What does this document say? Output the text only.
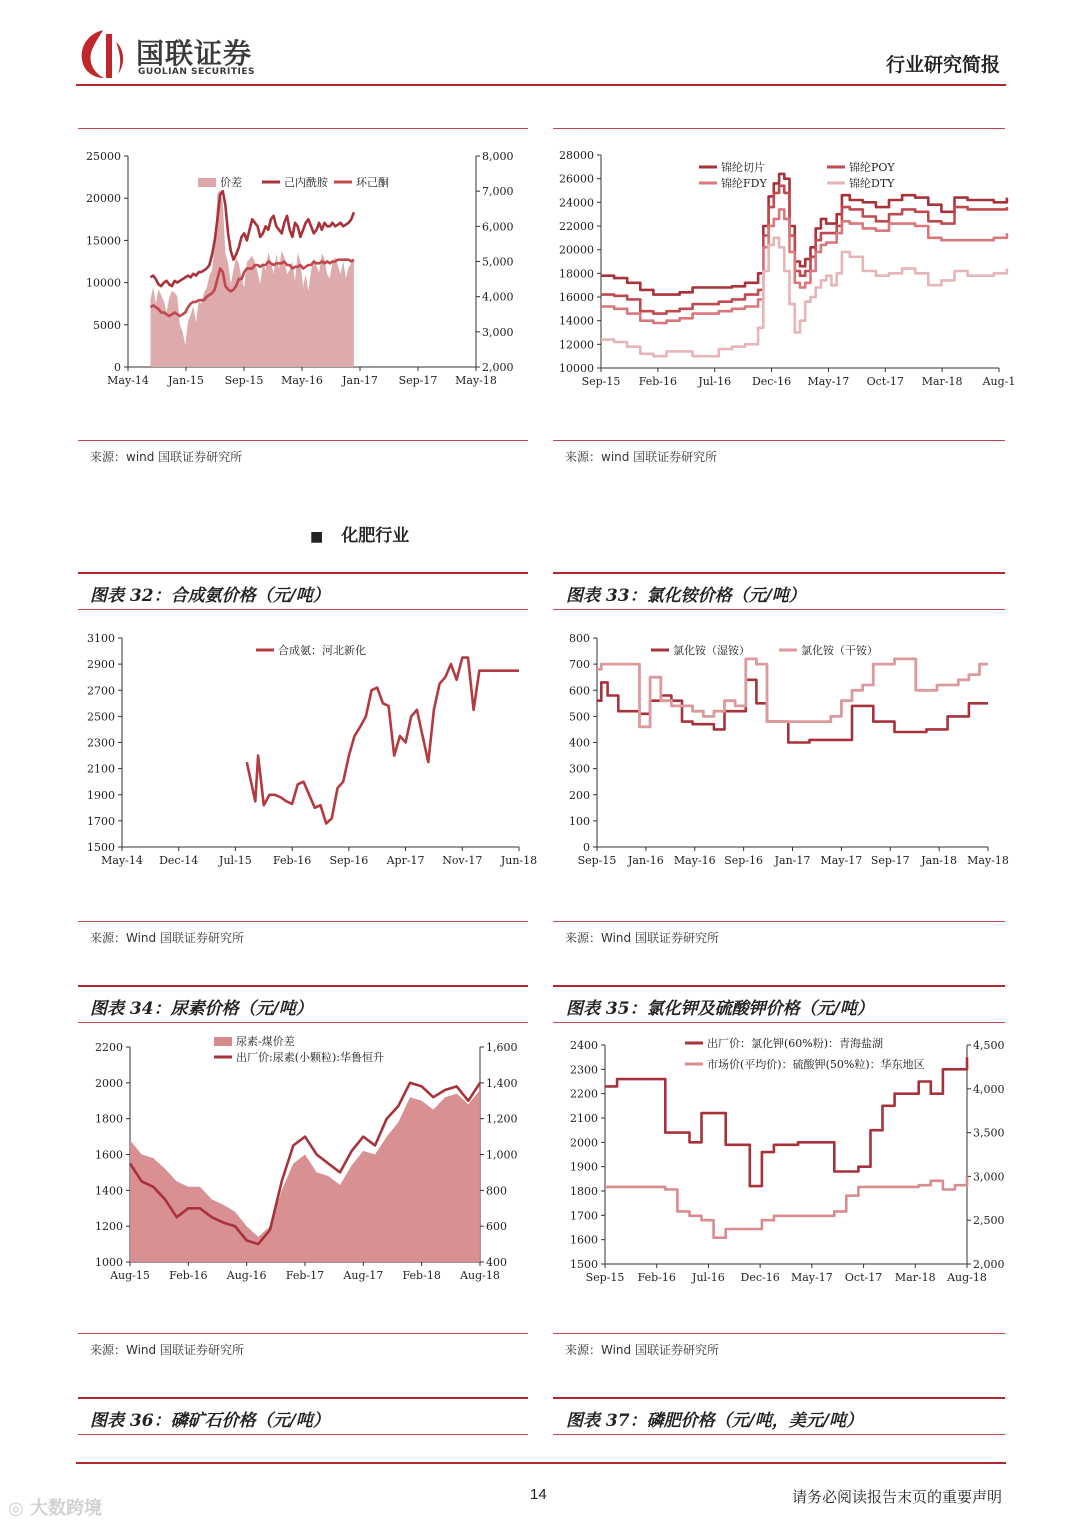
国联证券
GUOLIAN SECURITIES	行业研究简报
0
5000
10000
15000
20000
25000
2,000
3,000
4,000
5,000
6,000
7,000
8,000
May-14 Jan-15 Sep-15 May-16 Jan-17 Sep-17 May-18
价差	己内酰胺	环己酮
10000
12000
14000
16000
18000
20000
22000
24000
26000
28000
Sep-15 Feb-16 Jul-16 Dec-16 May-17 Oct-17 Mar-18 Aug-1
锦纶切片	锦纶POY
锦纶FDY	锦纶DTY
来源：wind 国联证券研究所	来源：wind 国联证券研究所
■ 化肥行业
图表 32：合成氨价格（元/吨）	图表 33：氯化铵价格（元/吨）
1500
1700
1900
2100
2300
2500
2700
2900
3100
May-14 Dec-14 Jul-15 Feb-16 Sep-16 Apr-17 Nov-17 Jun-18
合成氨：河北新化
0
100
200
300
400
500
600
700
800
Sep-15 Jan-16 May-16 Sep-16 Jan-17 May-17 Sep-17 Jan-18 May-18
氯化铵（湿铵）	氯化铵（干铵）
来源：Wind 国联证券研究所	来源：Wind 国联证券研究所
图表 34：尿素价格（元/吨）	图表 35：氯化钾及硫酸钾价格（元/吨）
1000
1200
1400
1600
1800
2000
2200
400
600
800
1,000
1,200
1,400
1,600
Aug-15 Feb-16 Aug-16 Feb-17 Aug-17 Feb-18 Aug-18
尿素-煤价差
出厂价:尿素(小颗粒):华鲁恒升
1500
1600
1700
1800
1900
2000
2100
2200
2300
2400
2,000
2,500
3,000
3,500
4,000
4,500
Sep-15 Feb-16 Jul-16 Dec-16 May-17 Oct-17 Mar-18 Aug-18
出厂价：氯化钾(60%粉)：青海盐湖
市场价(平均价)：硫酸钾(50%粒)：华东地区
来源：Wind 国联证券研究所	来源：Wind 国联证券研究所
图表 36：磷矿石价格（元/吨）	图表 37：磷肥价格（元/吨，美元/吨）
14	请务必阅读报告末页的重要声明
◎ 大数跨境
